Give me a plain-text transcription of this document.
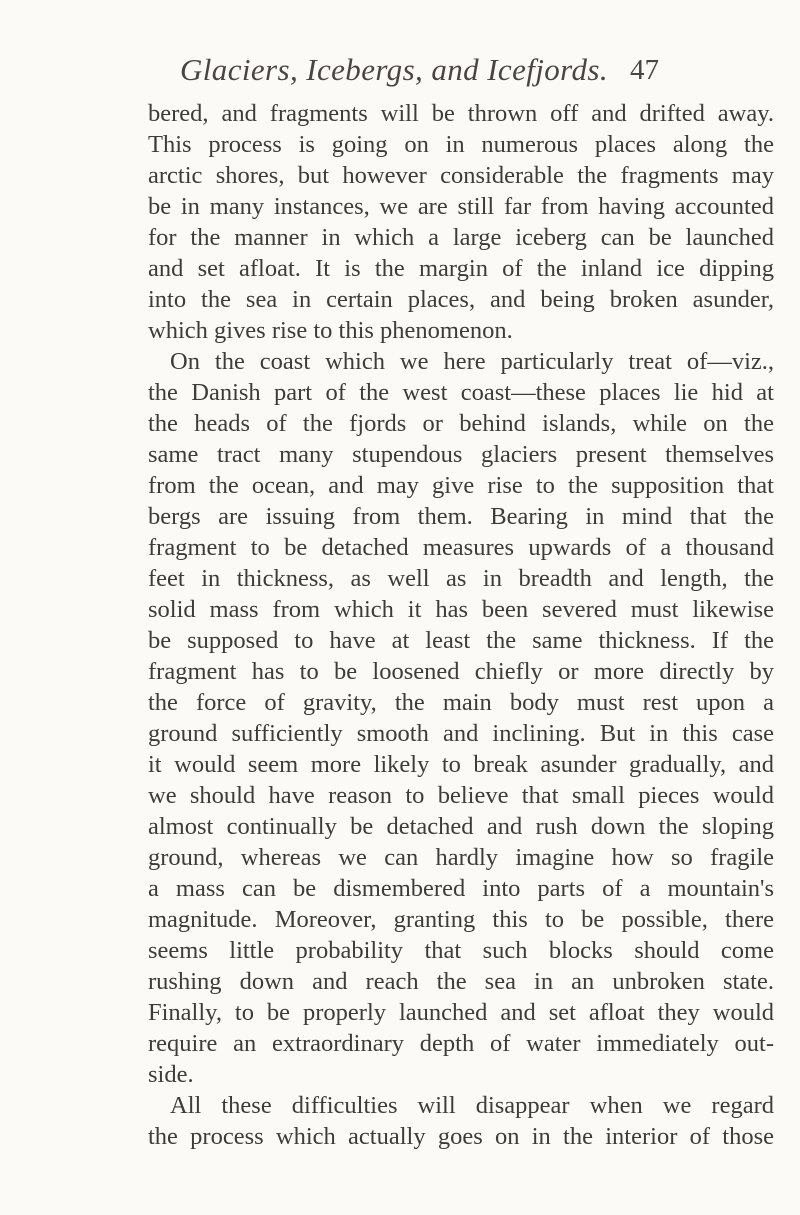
Glaciers, Icebergs, and Icefjords. 47
bered, and fragments will be thrown off and drifted away.
This process is going on in numerous places along the
arctic shores, but however considerable the fragments may
be in many instances, we are still far from having accounted
for the manner in which a large iceberg can be launched
and set afloat. It is the margin of the inland ice dipping
into the sea in certain places, and being broken asunder,
which gives rise to this phenomenon.
On the coast which we here particularly treat of—viz.,
the Danish part of the west coast—these places lie hid at
the heads of the fjords or behind islands, while on the
same tract many stupendous glaciers present themselves
from the ocean, and may give rise to the supposition that
bergs are issuing from them. Bearing in mind that the
fragment to be detached measures upwards of a thousand
feet in thickness, as well as in breadth and length, the
solid mass from which it has been severed must likewise
be supposed to have at least the same thickness. If the
fragment has to be loosened chiefly or more directly by
the force of gravity, the main body must rest upon a
ground sufficiently smooth and inclining. But in this case
it would seem more likely to break asunder gradually, and
we should have reason to believe that small pieces would
almost continually be detached and rush down the sloping
ground, whereas we can hardly imagine how so fragile
a mass can be dismembered into parts of a mountain's
magnitude. Moreover, granting this to be possible, there
seems little probability that such blocks should come
rushing down and reach the sea in an unbroken state.
Finally, to be properly launched and set afloat they would
require an extraordinary depth of water immediately out-
side.
All these difficulties will disappear when we regard
the process which actually goes on in the interior of those
